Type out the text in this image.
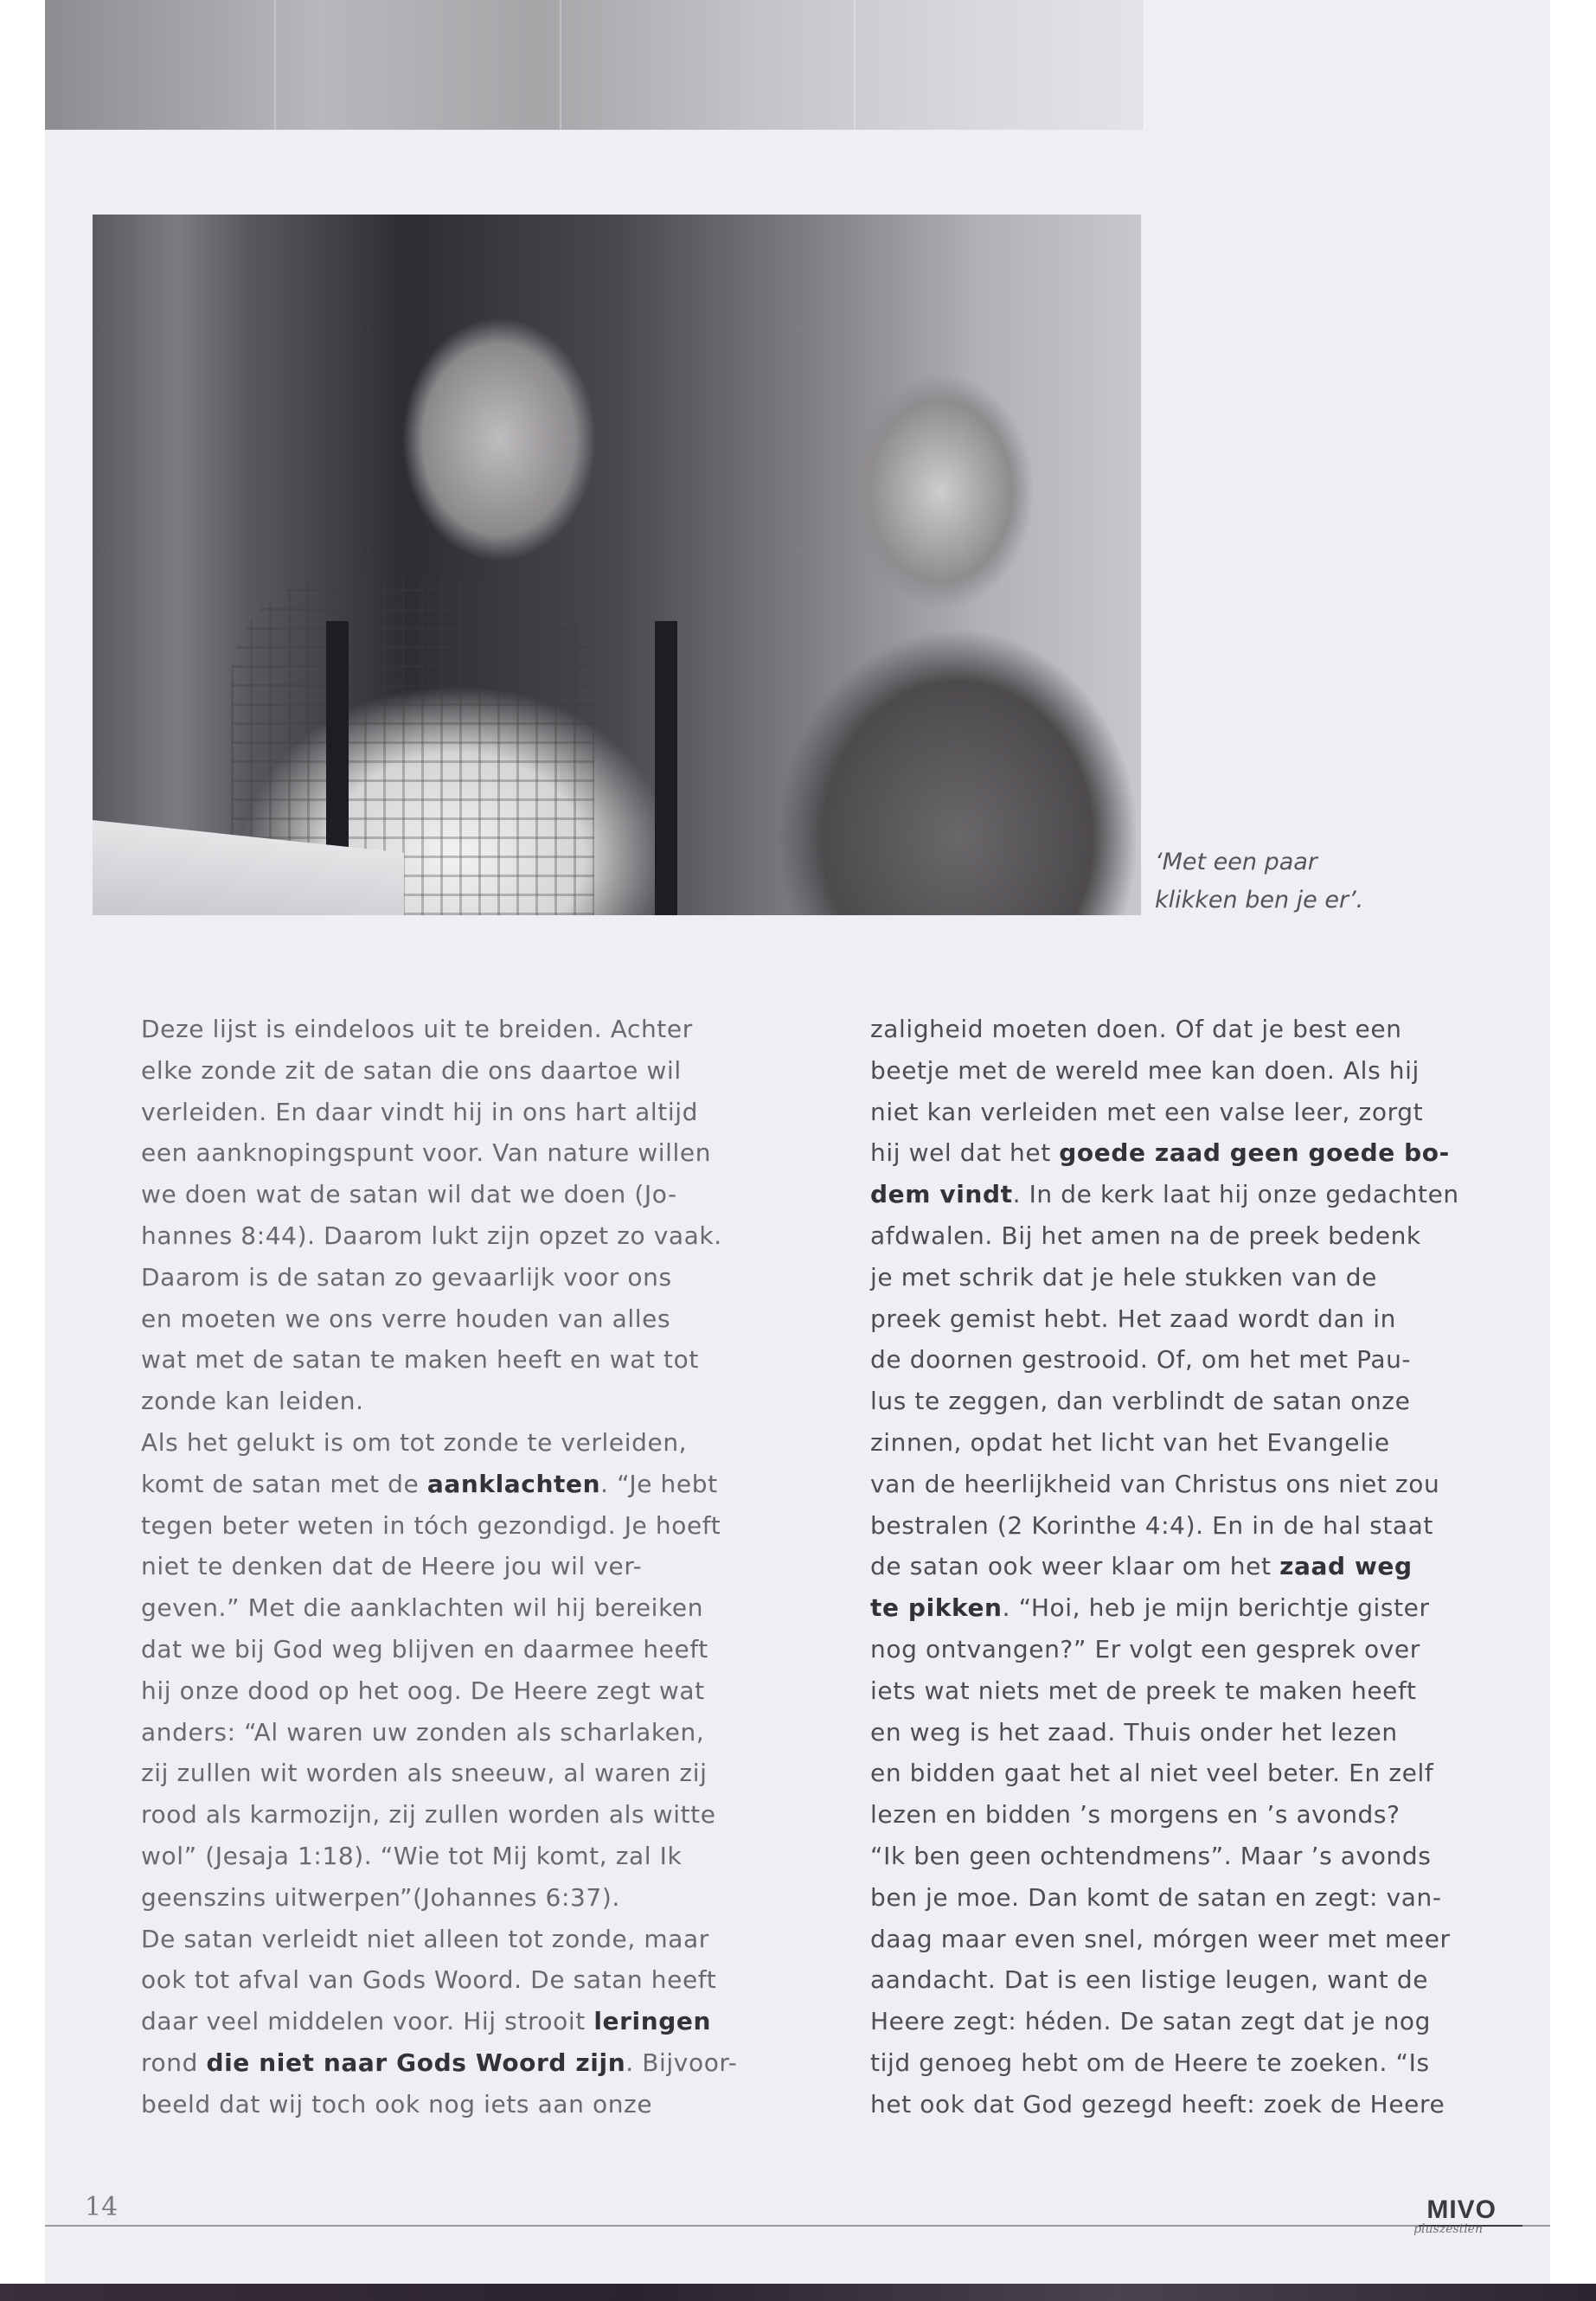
‘Met een paar
klikken ben je er’.
Deze lijst is eindeloos uit te breiden. Achter
elke zonde zit de satan die ons daartoe wil
verleiden. En daar vindt hij in ons hart altijd
een aanknopingspunt voor. Van nature willen
we doen wat de satan wil dat we doen (Jo-
hannes 8:44). Daarom lukt zijn opzet zo vaak.
Daarom is de satan zo gevaarlijk voor ons
en moeten we ons verre houden van alles
wat met de satan te maken heeft en wat tot
zonde kan leiden.
Als het gelukt is om tot zonde te verleiden,
komt de satan met de aanklachten. “Je hebt
tegen beter weten in tóch gezondigd. Je hoeft
niet te denken dat de Heere jou wil ver-
geven.” Met die aanklachten wil hij bereiken
dat we bij God weg blijven en daarmee heeft
hij onze dood op het oog. De Heere zegt wat
anders: “Al waren uw zonden als scharlaken,
zij zullen wit worden als sneeuw, al waren zij
rood als karmozijn, zij zullen worden als witte
wol” (Jesaja 1:18). “Wie tot Mij komt, zal Ik
geenszins uitwerpen”(Johannes 6:37).
De satan verleidt niet alleen tot zonde, maar
ook tot afval van Gods Woord. De satan heeft
daar veel middelen voor. Hij strooit leringen
rond die niet naar Gods Woord zijn. Bijvoor-
beeld dat wij toch ook nog iets aan onze
zaligheid moeten doen. Of dat je best een
beetje met de wereld mee kan doen. Als hij
niet kan verleiden met een valse leer, zorgt
hij wel dat het goede zaad geen goede bo-
dem vindt. In de kerk laat hij onze gedachten
afdwalen. Bij het amen na de preek bedenk
je met schrik dat je hele stukken van de
preek gemist hebt. Het zaad wordt dan in
de doornen gestrooid. Of, om het met Pau-
lus te zeggen, dan verblindt de satan onze
zinnen, opdat het licht van het Evangelie
van de heerlijkheid van Christus ons niet zou
bestralen (2 Korinthe 4:4). En in de hal staat
de satan ook weer klaar om het zaad weg
te pikken. “Hoi, heb je mijn berichtje gister
nog ontvangen?” Er volgt een gesprek over
iets wat niets met de preek te maken heeft
en weg is het zaad. Thuis onder het lezen
en bidden gaat het al niet veel beter. En zelf
lezen en bidden ’s morgens en ’s avonds?
“Ik ben geen ochtendmens”. Maar ’s avonds
ben je moe. Dan komt de satan en zegt: van-
daag maar even snel, mórgen weer met meer
aandacht. Dat is een listige leugen, want de
Heere zegt: héden. De satan zegt dat je nog
tijd genoeg hebt om de Heere te zoeken. “Is
het ook dat God gezegd heeft: zoek de Heere
14	MIVO
pluszestien
